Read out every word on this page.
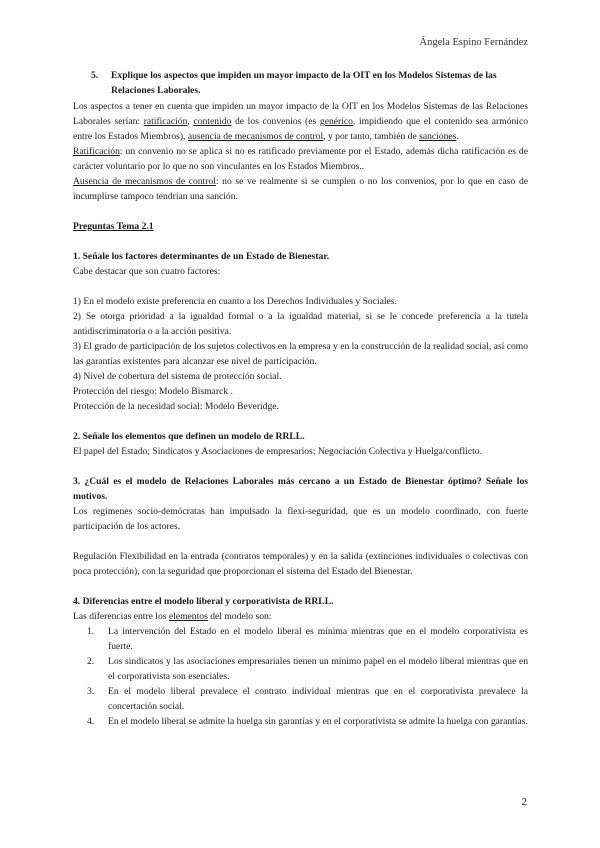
Ángela Espino Fernández
5.	Explique los aspectos que impiden un mayor impacto de la OIT en los Modelos Sistemas de las Relaciones Laborales.

Los aspectos a tener en cuenta que impiden un mayor impacto de la OIT en los Modelos Sistemas de las Relaciones Laborales serían: ratificación, contenido de los convenios (es genérico, impidiendo que el contenido sea armónico entre los Estados Miembros), ausencia de mecanismos de control, y por tanto, también de sanciones.

Ratificación: un convenio no se aplica si no es ratificado previamente por el Estado, además dicha ratificación es de carácter voluntario por lo que no son vinculantes en los Estados Miembros..

Ausencia de mecanismos de control: no se ve realmente si se cumplen o no los convenios, por lo que en caso de incumplirse tampoco tendrían una sanción.

Preguntas Tema 2.1

1. Señale los factores determinantes de un Estado de Bienestar.

Cabe destacar que son cuatro factores:

1) En el modelo existe preferencia en cuanto a los Derechos Individuales y Sociales.

2) Se otorga prioridad a la igualdad formal o a la igualdad material, si se le concede preferencia a la tutela antidiscriminatoria o a la acción positiva.

3) El grado de participación de los sujetos colectivos en la empresa y en la construcción de la realidad social, así como las garantías existentes para alcanzar ese nivel de participación.

4) Nivel de cobertura del sistema de protección social.

Protección del riesgo: Modelo Bismarck .

Protección de la necesidad social: Modelo Beveridge.

2. Señale los elementos que definen un modelo de RRLL.

El papel del Estado; Sindicatos y Asociaciones de empresarios; Negociación Colectiva y Huelga/conflicto.

3. ¿Cuál es el modelo de Relaciones Laborales más cercano a un Estado de Bienestar óptimo? Señale los motivos.

Los regímenes socio-demócratas han impulsado la flexi-seguridad, que es un modelo coordinado, con fuerte participación de los actores.

Regulación Flexibilidad en la entrada (contratos temporales) y en la salida (extinciones individuales o colectivas con poca protección), con la seguridad que proporcionan el sistema del Estado del Bienestar.

4. Diferencias entre el modelo liberal y corporativista de RRLL.

Las diferencias entre los elementos del modelo son:

1.	La intervención del Estado en el modelo liberal es mínima mientras que en el modelo corporativista es fuerte.
2.	Los sindicatos y las asociaciones empresariales tienen un mínimo papel en el modelo liberal mientras que en el corporativista son esenciales.
3.	En el modelo liberal prevalece el contrato individual mientras que en el corporativista prevalece la concertación social.
4.	En el modelo liberal se admite la huelga sin garantías y en el corporativista se admite la huelga con garantías.
2
